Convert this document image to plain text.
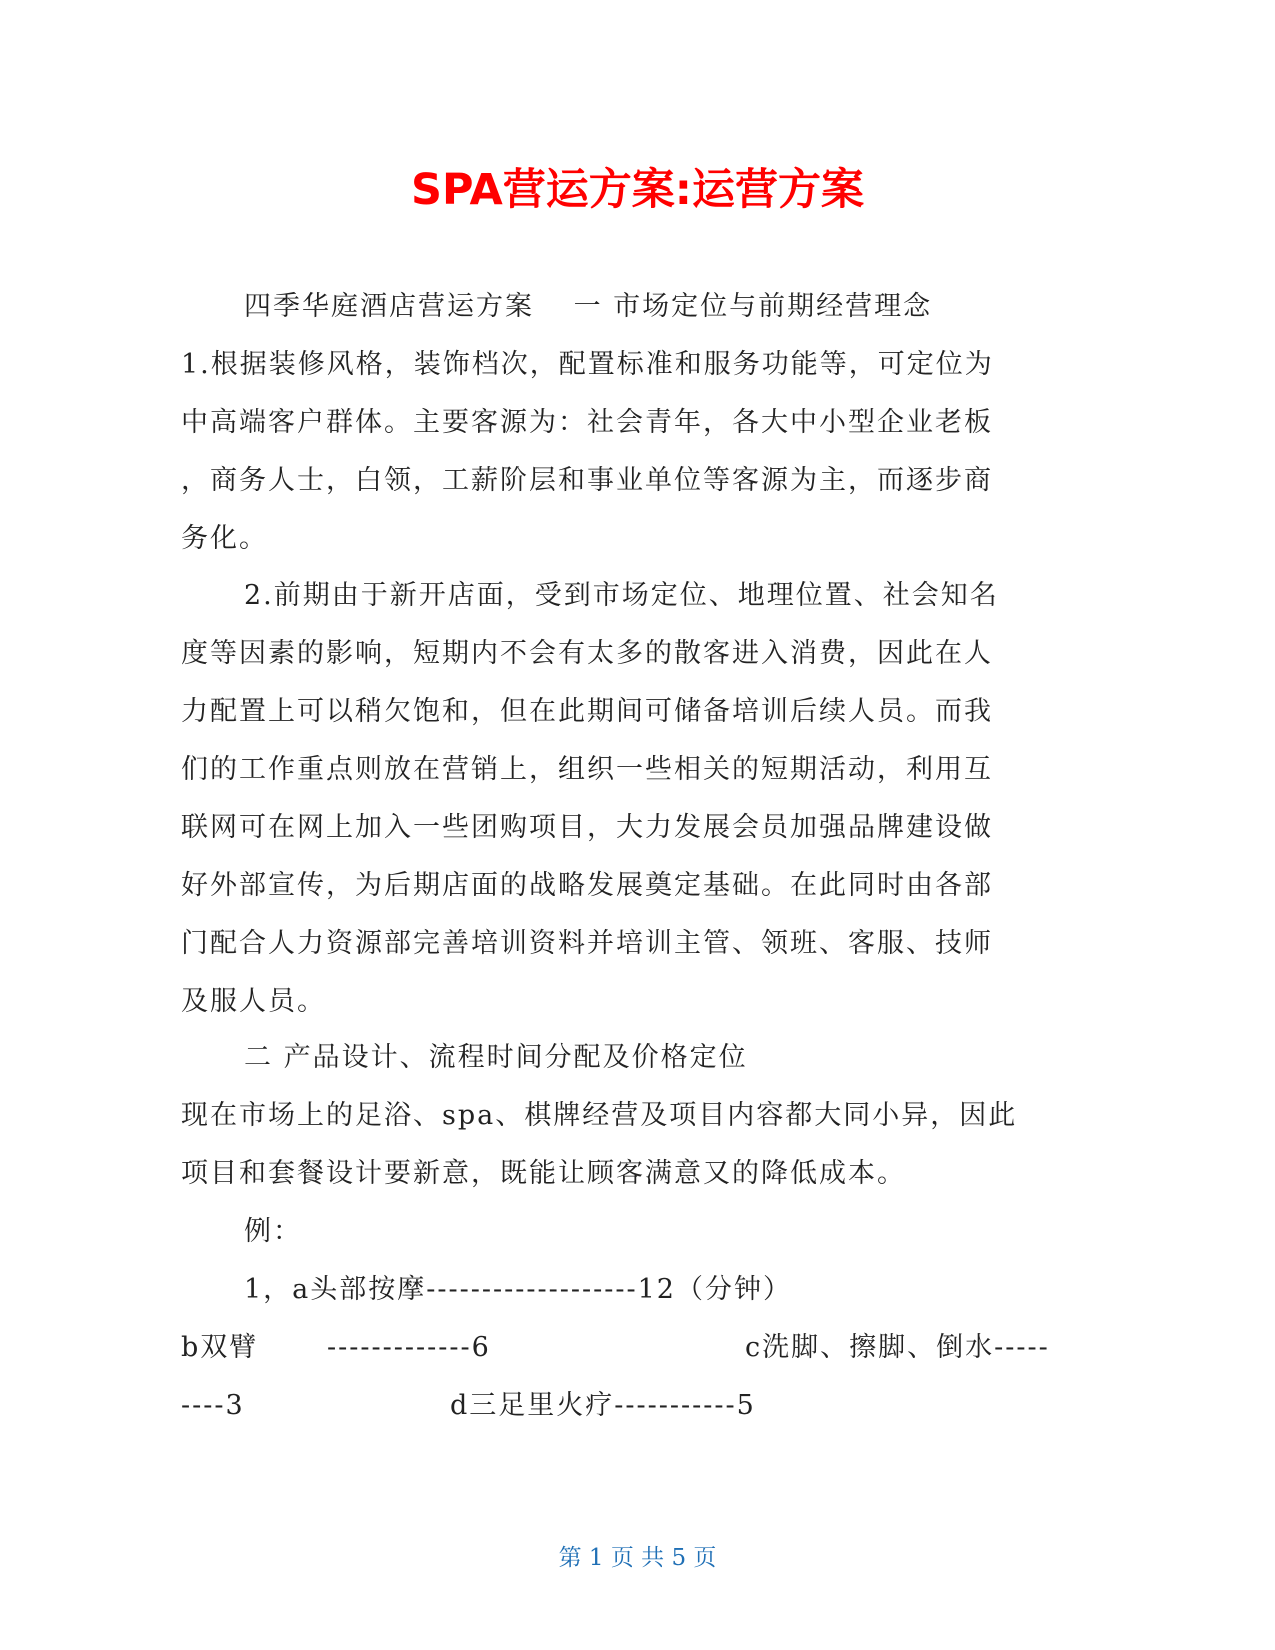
SPA营运方案:运营方案
四季华庭酒店营运方案　 一 市场定位与前期经营理念
1.根据装修风格，装饰档次，配置标准和服务功能等，可定位为
中高端客户群体。主要客源为：社会青年，各大中小型企业老板
，商务人士，白领，工薪阶层和事业单位等客源为主，而逐步商
务化。
2.前期由于新开店面，受到市场定位、地理位置、社会知名
度等因素的影响，短期内不会有太多的散客进入消费，因此在人
力配置上可以稍欠饱和，但在此期间可储备培训后续人员。而我
们的工作重点则放在营销上，组织一些相关的短期活动，利用互
联网可在网上加入一些团购项目，大力发展会员加强品牌建设做
好外部宣传，为后期店面的战略发展奠定基础。在此同时由各部
门配合人力资源部完善培训资料并培训主管、领班、客服、技师
及服人员。
二 产品设计、流程时间分配及价格定位
现在市场上的足浴、spa、棋牌经营及项目内容都大同小异，因此
项目和套餐设计要新意，既能让顾客满意又的降低成本。
例：
1，a头部按摩-------------------12（分钟）
b双臂	-------------6	c洗脚、擦脚、倒水-----
----3	d三足里火疗-----------5
第 1 页 共 5 页
